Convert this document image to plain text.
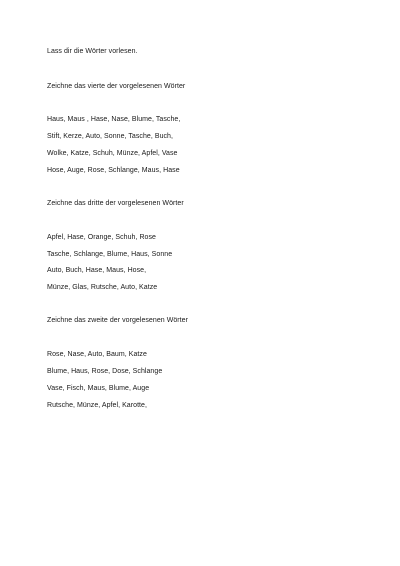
Lass dir die Wörter vorlesen.
Zeichne das vierte der vorgelesenen Wörter
Haus, Maus , Hase, Nase, Blume, Tasche,
Stift, Kerze, Auto, Sonne, Tasche, Buch,
Wolke, Katze, Schuh, Münze, Apfel, Vase
Hose, Auge, Rose, Schlange, Maus, Hase
Zeichne das dritte der vorgelesenen Wörter
Apfel, Hase, Orange, Schuh, Rose
Tasche, Schlange, Blume, Haus, Sonne
Auto, Buch, Hase, Maus, Hose,
Münze, Glas, Rutsche, Auto, Katze
Zeichne das zweite der vorgelesenen Wörter
Rose, Nase, Auto, Baum, Katze
Blume, Haus, Rose, Dose, Schlange
Vase, Fisch, Maus, Blume, Auge
Rutsche, Münze, Apfel, Karotte,
